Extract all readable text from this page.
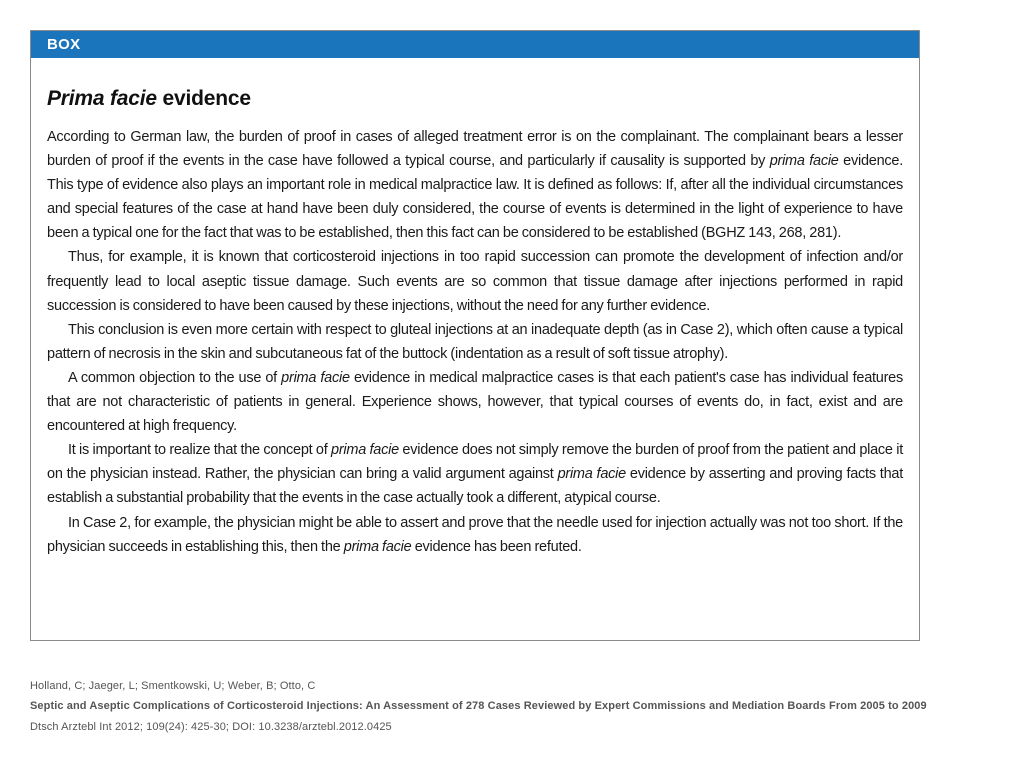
BOX
Prima facie evidence

According to German law, the burden of proof in cases of alleged treatment error is on the complainant. The complainant bears a lesser burden of proof if the events in the case have followed a typical course, and particularly if causality is supported by prima facie evidence. This type of evidence also plays an important role in medical malpractice law. It is defined as follows: If, after all the individual circumstances and special features of the case at hand have been duly considered, the course of events is determined in the light of experience to have been a typical one for the fact that was to be established, then this fact can be considered to be established (BGHZ 143, 268, 281).

Thus, for example, it is known that corticosteroid injections in too rapid succession can promote the development of infection and/or frequently lead to local aseptic tissue damage. Such events are so common that tissue damage after injections performed in rapid succession is considered to have been caused by these injections, without the need for any further evidence.

This conclusion is even more certain with respect to gluteal injections at an inadequate depth (as in Case 2), which often cause a typical pattern of necrosis in the skin and subcutaneous fat of the buttock (indentation as a result of soft tissue atrophy).

A common objection to the use of prima facie evidence in medical malpractice cases is that each patient's case has individual features that are not characteristic of patients in general. Experience shows, however, that typical courses of events do, in fact, exist and are encountered at high frequency.

It is important to realize that the concept of prima facie evidence does not simply remove the burden of proof from the patient and place it on the physician instead. Rather, the physician can bring a valid argument against prima facie evidence by asserting and proving facts that establish a substantial probability that the events in the case actually took a different, atypical course.

In Case 2, for example, the physician might be able to assert and prove that the needle used for injection actually was not too short. If the physician succeeds in establishing this, then the prima facie evidence has been refuted.

Holland, C; Jaeger, L; Smentkowski, U; Weber, B; Otto, C
Septic and Aseptic Complications of Corticosteroid Injections: An Assessment of 278 Cases Reviewed by Expert Commissions and Mediation Boards From 2005 to 2009
Dtsch Arztebl Int 2012; 109(24): 425-30; DOI: 10.3238/arztebl.2012.0425
